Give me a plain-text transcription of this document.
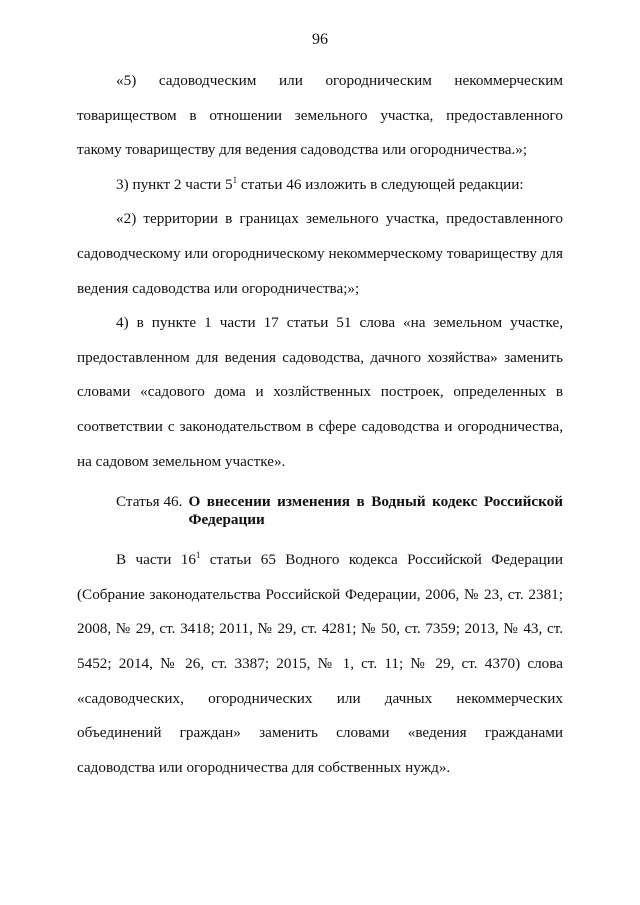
96

«5) садоводческим или огородническим некоммерческим товариществом в отношении земельного участка, предоставленного такому товариществу для ведения садоводства или огородничества.»;

3) пункт 2 части $5^1$ статьи 46 изложить в следующей редакции:

«2) территории в границах земельного участка, предоставленного садоводческому или огородническому некоммерческому товариществу для ведения садоводства или огородничества;»;

4) в пункте 1 части 17 статьи 51 слова «на земельном участке, предоставленном для ведения садоводства, дачного хозяйства» заменить словами «садового дома и хозлйственных построек, определенных в соответствии с законодательством в сфере садоводства и огородничества, на садовом земельном участке».

Статья 46. О внесении изменения в Водный кодекс Российской Федерации

В части $16^1$ статьи 65 Водного кодекса Российской Федерации (Собрание законодательства Российской Федерации, 2006, № 23, ст. 2381; 2008, № 29, ст. 3418; 2011, № 29, ст. 4281; № 50, ст. 7359; 2013, № 43, ст. 5452; 2014, № 26, ст. 3387; 2015, № 1, ст. 11; № 29, ст. 4370) слова «садоводческих, огороднических или дачных некоммерческих объединений граждан» заменить словами «ведения гражданами садоводства или огородничества для собственных нужд».
